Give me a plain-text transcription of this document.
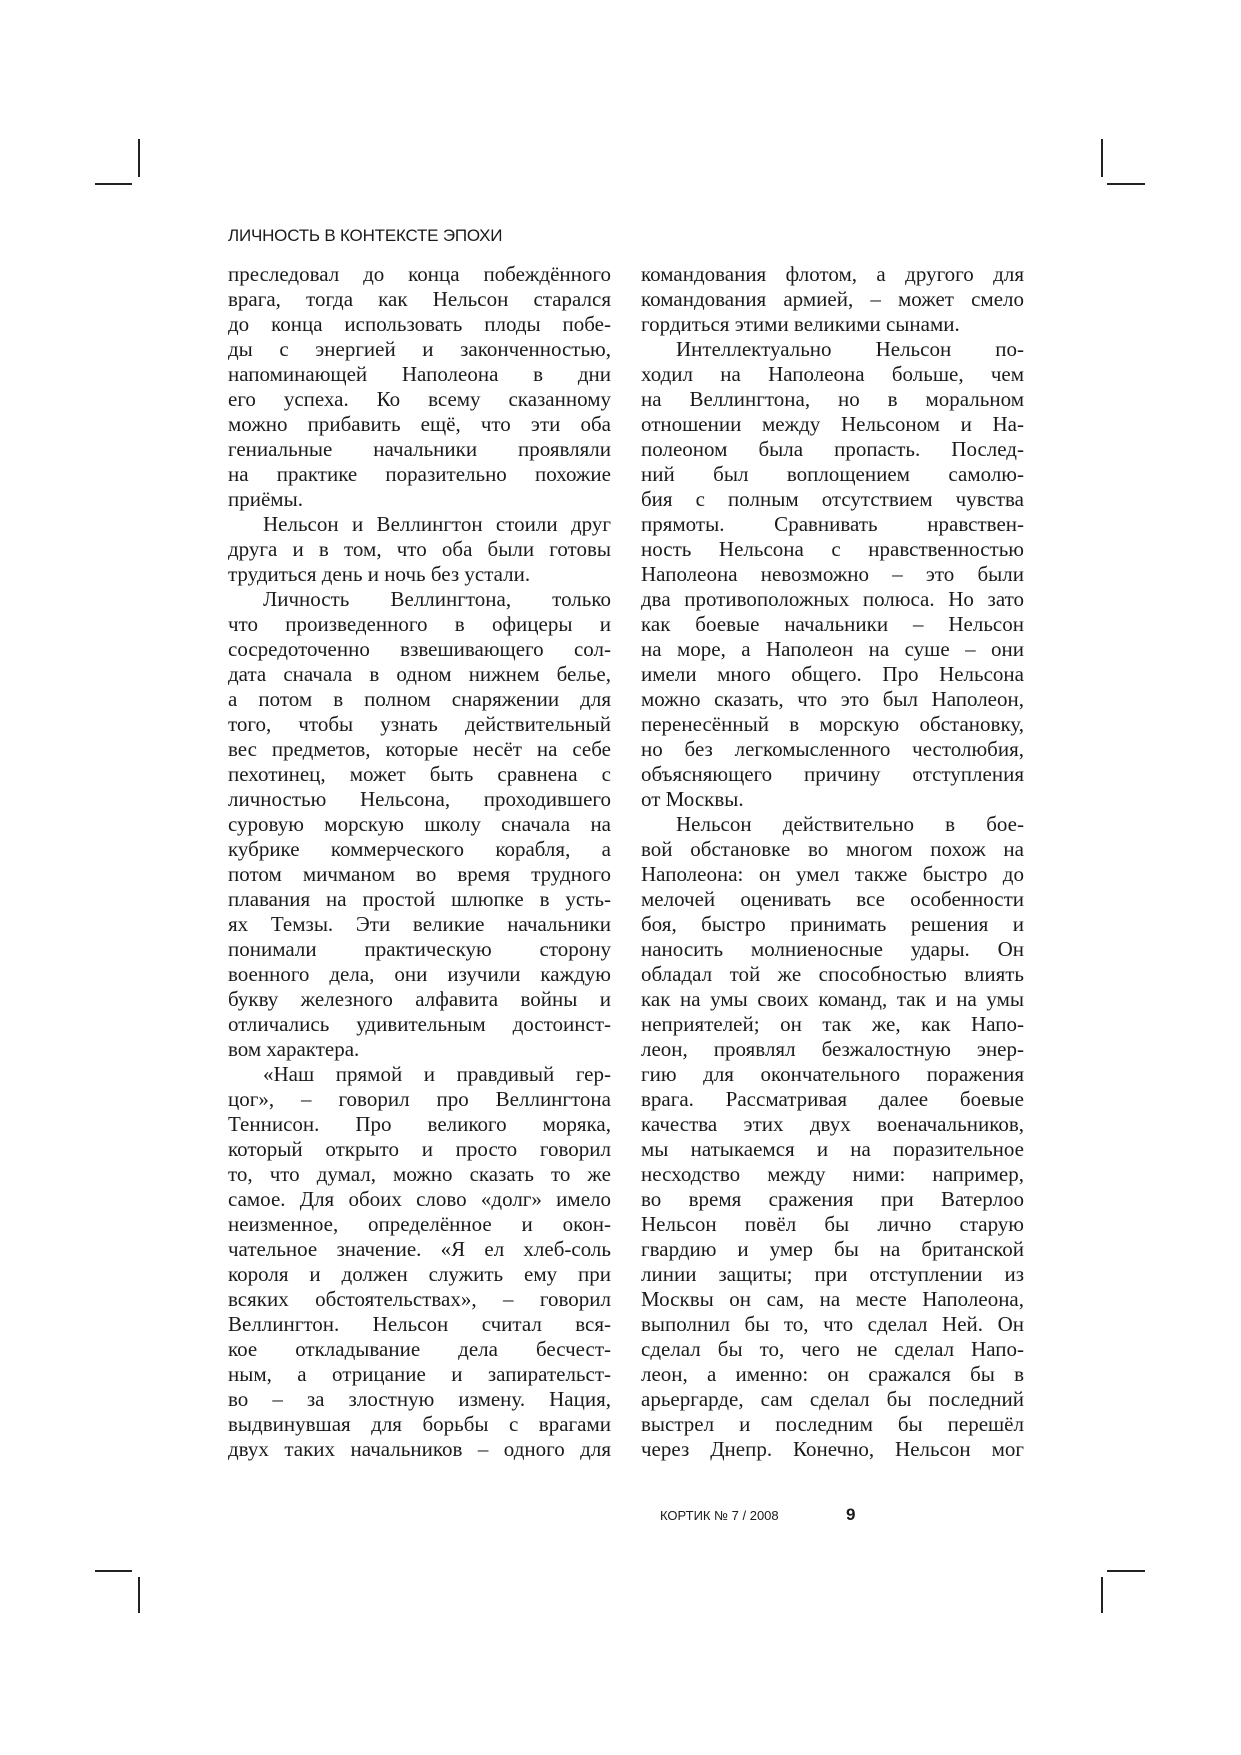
ЛИЧНОСТЬ В КОНТЕКСТЕ ЭПОХИ
преследовал до конца побеждённого
врага, тогда как Нельсон старался
до конца использовать плоды побе-
ды с энергией и законченностью,
напоминающей Наполеона в дни
его успеха. Ко всему сказанному
можно прибавить ещё, что эти оба
гениальные начальники проявляли
на практике поразительно похожие
приёмы.
Нельсон и Веллингтон стоили друг
друга и в том, что оба были готовы
трудиться день и ночь без устали.
Личность Веллингтона, только
что произведенного в офицеры и
сосредоточенно взвешивающего сол-
дата сначала в одном нижнем белье,
а потом в полном снаряжении для
того, чтобы узнать действительный
вес предметов, которые несёт на себе
пехотинец, может быть сравнена с
личностью Нельсона, проходившего
суровую морскую школу сначала на
кубрике коммерческого корабля, а
потом мичманом во время трудного
плавания на простой шлюпке в усть-
ях Темзы. Эти великие начальники
понимали практическую сторону
военного дела, они изучили каждую
букву железного алфавита войны и
отличались удивительным достоинст-
вом характера.
«Наш прямой и правдивый гер-
цог», – говорил про Веллингтона
Теннисон. Про великого моряка,
который открыто и просто говорил
то, что думал, можно сказать то же
самое. Для обоих слово «долг» имело
неизменное, определённое и окон-
чательное значение. «Я ел хлеб-соль
короля и должен служить ему при
всяких обстоятельствах», – говорил
Веллингтон. Нельсон считал вся-
кое откладывание дела бесчест-
ным, а отрицание и запирательст-
во – за злостную измену. Нация,
выдвинувшая для борьбы с врагами
двух таких начальников – одного для
командования флотом, а другого для
командования армией, – может смело
гордиться этими великими сынами.
Интеллектуально Нельсон по-
ходил на Наполеона больше, чем
на Веллингтона, но в моральном
отношении между Нельсоном и На-
полеоном была пропасть. Послед-
ний был воплощением самолю-
бия с полным отсутствием чувства
прямоты. Сравнивать нравствен-
ность Нельсона с нравственностью
Наполеона невозможно – это были
два противоположных полюса. Но зато
как боевые начальники – Нельсон
на море, а Наполеон на суше – они
имели много общего. Про Нельсона
можно сказать, что это был Наполеон,
перенесённый в морскую обстановку,
но без легкомысленного честолюбия,
объясняющего причину отступления
от Москвы.
Нельсон действительно в бое-
вой обстановке во многом похож на
Наполеона: он умел также быстро до
мелочей оценивать все особенности
боя, быстро принимать решения и
наносить молниеносные удары. Он
обладал той же способностью влиять
как на умы своих команд, так и на умы
неприятелей; он так же, как Напо-
леон, проявлял безжалостную энер-
гию для окончательного поражения
врага. Рассматривая далее боевые
качества этих двух военачальников,
мы натыкаемся и на поразительное
несходство между ними: например,
во время сражения при Ватерлоо
Нельсон повёл бы лично старую
гвардию и умер бы на британской
линии защиты; при отступлении из
Москвы он сам, на месте Наполеона,
выполнил бы то, что сделал Ней. Он
сделал бы то, чего не сделал Напо-
леон, а именно: он сражался бы в
арьергарде, сам сделал бы последний
выстрел и последним бы перешёл
через Днепр. Конечно, Нельсон мог
КОРТИК № 7 / 2008	9
